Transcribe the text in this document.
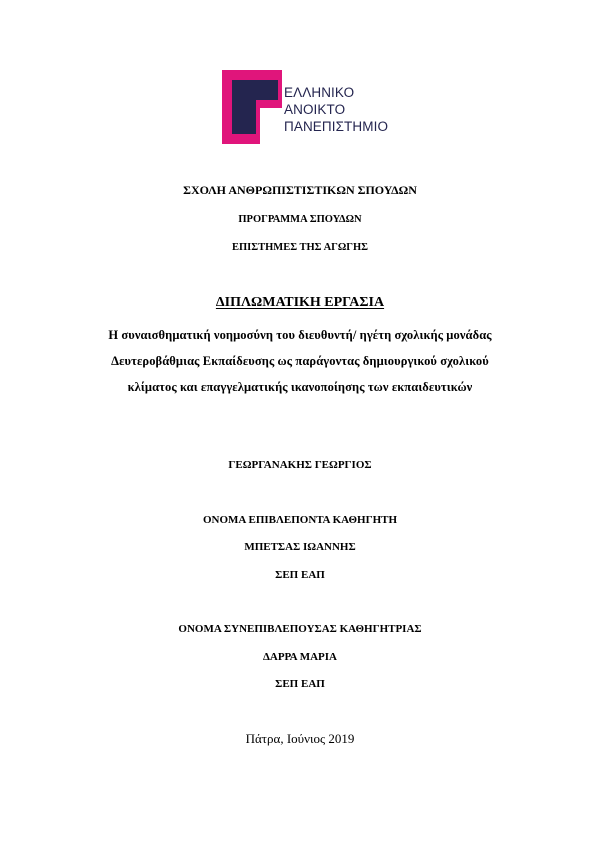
ΕΛΛΗΝΙΚΟ
ΑΝΟΙΚΤΟ
ΠΑΝΕΠΙΣΤΗΜΙΟ
ΣΧΟΛΗ ΑΝΘΡΩΠΙΣΤΙΣΤΙΚΩΝ ΣΠΟΥΔΩΝ
ΠΡΟΓΡΑΜΜΑ ΣΠΟΥΔΩΝ
ΕΠΙΣΤΗΜΕΣ ΤΗΣ ΑΓΩΓΗΣ
ΔΙΠΛΩΜΑΤΙΚΗ ΕΡΓΑΣΙΑ
Η συναισθηματική νοημοσύνη του διευθυντή/ ηγέτη σχολικής μονάδας
Δευτεροβάθμιας Εκπαίδευσης ως παράγοντας δημιουργικού σχολικού
κλίματος και επαγγελματικής ικανοποίησης των εκπαιδευτικών
ΓΕΩΡΓΑΝΑΚΗΣ ΓΕΩΡΓΙΟΣ
ΟΝΟΜΑ ΕΠΙΒΛΕΠΟΝΤΑ ΚΑΘΗΓΗΤΗ
ΜΠΕΤΣΑΣ ΙΩΑΝΝΗΣ
ΣΕΠ ΕΑΠ
ΟΝΟΜΑ ΣΥΝΕΠΙΒΛΕΠΟΥΣΑΣ ΚΑΘΗΓΗΤΡΙΑΣ
ΔΑΡΡΑ ΜΑΡΙΑ
ΣΕΠ ΕΑΠ
Πάτρα, Ιούνιος 2019
